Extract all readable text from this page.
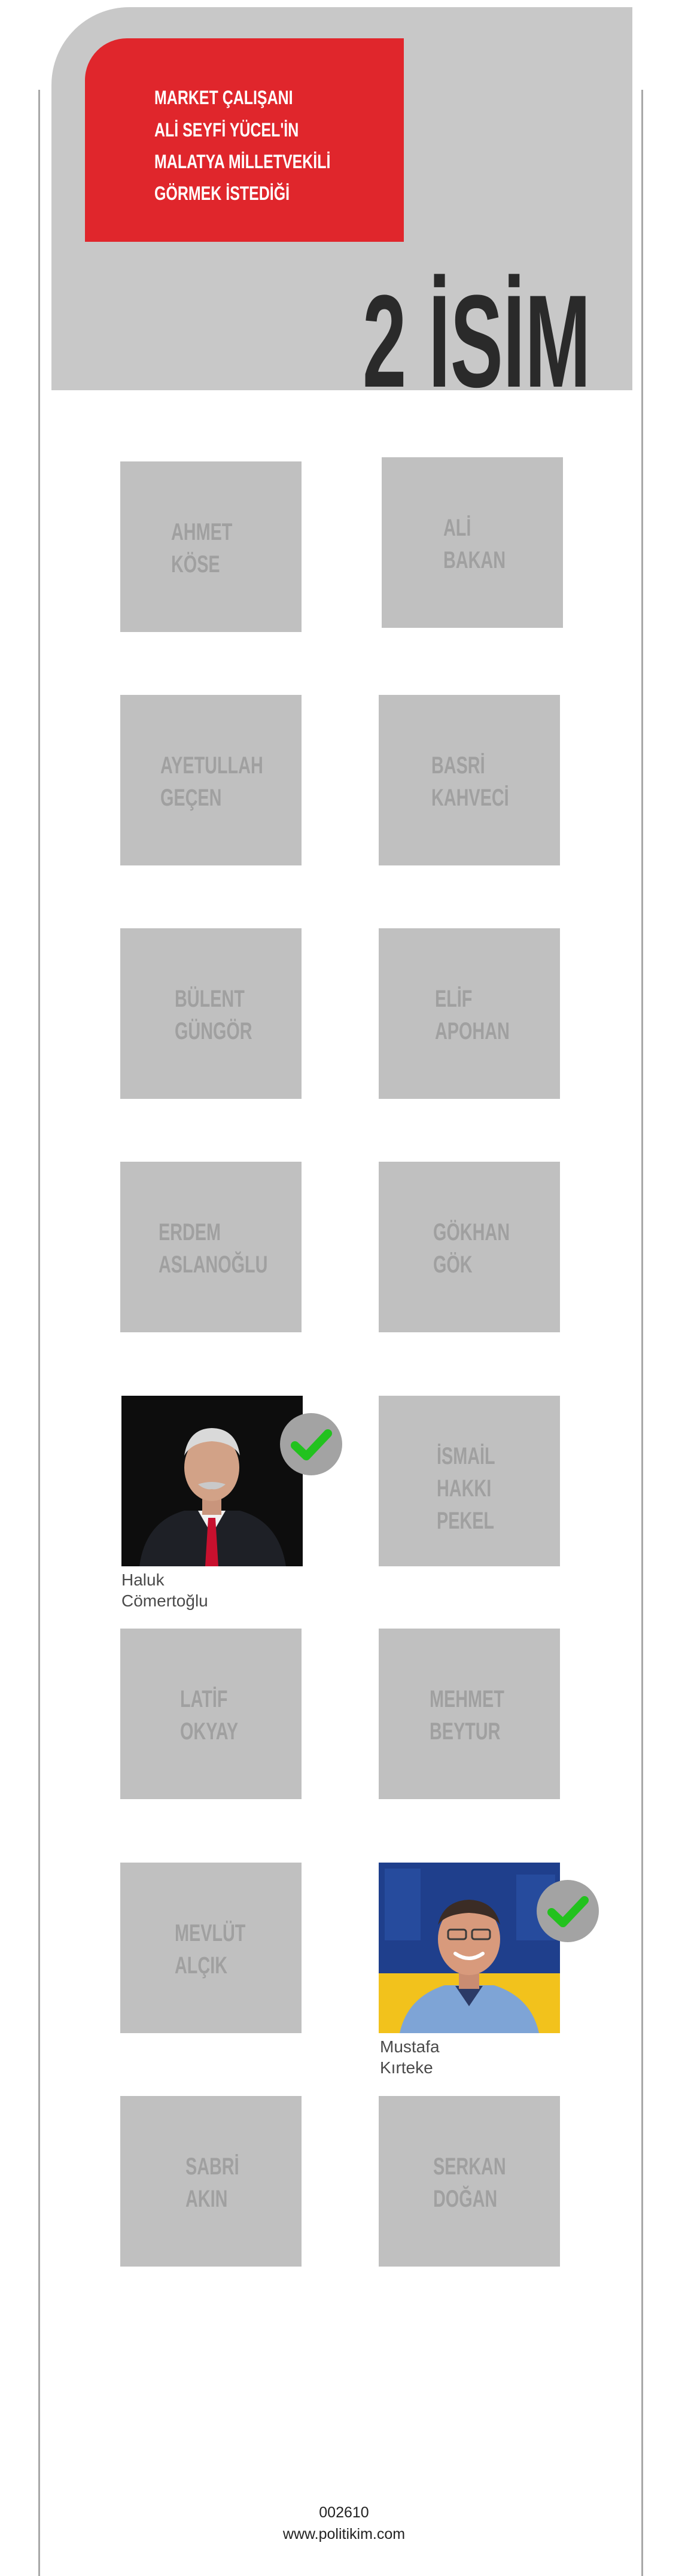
MARKET ÇALIŞANI
ALİ SEYFİ YÜCEL'İN
MALATYA MİLLETVEKİLİ
GÖRMEK İSTEDİĞİ
2 İSİM
AHMET
KÖSE
ALİ
BAKAN
AYETULLAH
GEÇEN
BASRİ
KAHVECİ
BÜLENT
GÜNGÖR
ELİF
APOHAN
ERDEM
ASLANOĞLU
GÖKHAN
GÖK
Haluk
Cömertoğlu
İSMAİL
HAKKI
PEKEL
LATİF
OKYAY
MEHMET
BEYTUR
MEVLÜT
ALÇIK
Mustafa
Kırteke
SABRİ
AKIN
SERKAN
DOĞAN
002610
www.politikim.com
